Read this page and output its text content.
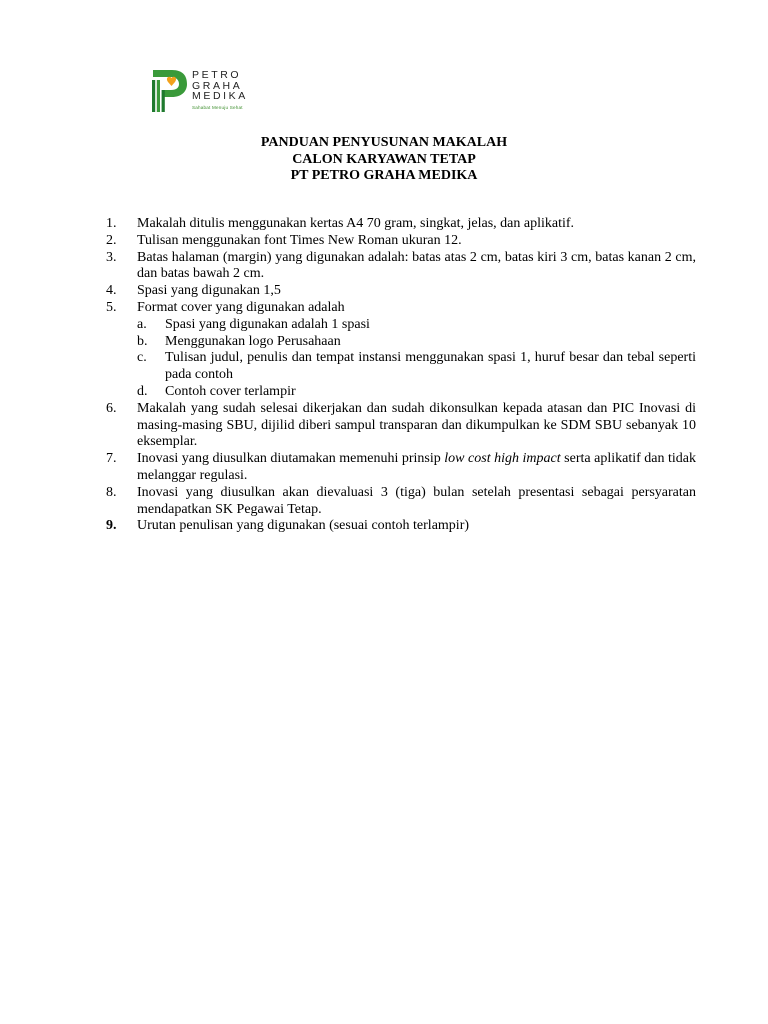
PETRO
GRAHA
MEDIKA
Sahabat Menuju Sehat
PANDUAN PENYUSUNAN MAKALAH
CALON KARYAWAN TETAP
PT PETRO GRAHA MEDIKA
1.	Makalah ditulis menggunakan kertas A4 70 gram, singkat, jelas, dan aplikatif.
2.	Tulisan menggunakan font Times New Roman ukuran 12.
3.	Batas halaman (margin) yang digunakan adalah: batas atas 2 cm, batas kiri 3 cm, batas kanan 2 cm, dan batas bawah 2 cm.
4.	Spasi yang digunakan 1,5
5.	Format cover yang digunakan adalah
a.	Spasi yang digunakan adalah 1 spasi
b.	Menggunakan logo Perusahaan
c.	Tulisan judul, penulis dan tempat instansi menggunakan spasi 1, huruf besar dan tebal seperti pada contoh
d.	Contoh cover terlampir
6.	Makalah yang sudah selesai dikerjakan dan sudah dikonsulkan kepada atasan dan PIC Inovasi di masing-masing SBU, dijilid diberi sampul transparan dan dikumpulkan ke SDM SBU sebanyak 10 eksemplar.
7.	Inovasi yang diusulkan diutamakan memenuhi prinsip low cost high impact serta aplikatif dan tidak melanggar regulasi.
8.	Inovasi yang diusulkan akan dievaluasi 3 (tiga) bulan setelah presentasi sebagai persyaratan mendapatkan SK Pegawai Tetap.
9.	Urutan penulisan yang digunakan (sesuai contoh terlampir)
